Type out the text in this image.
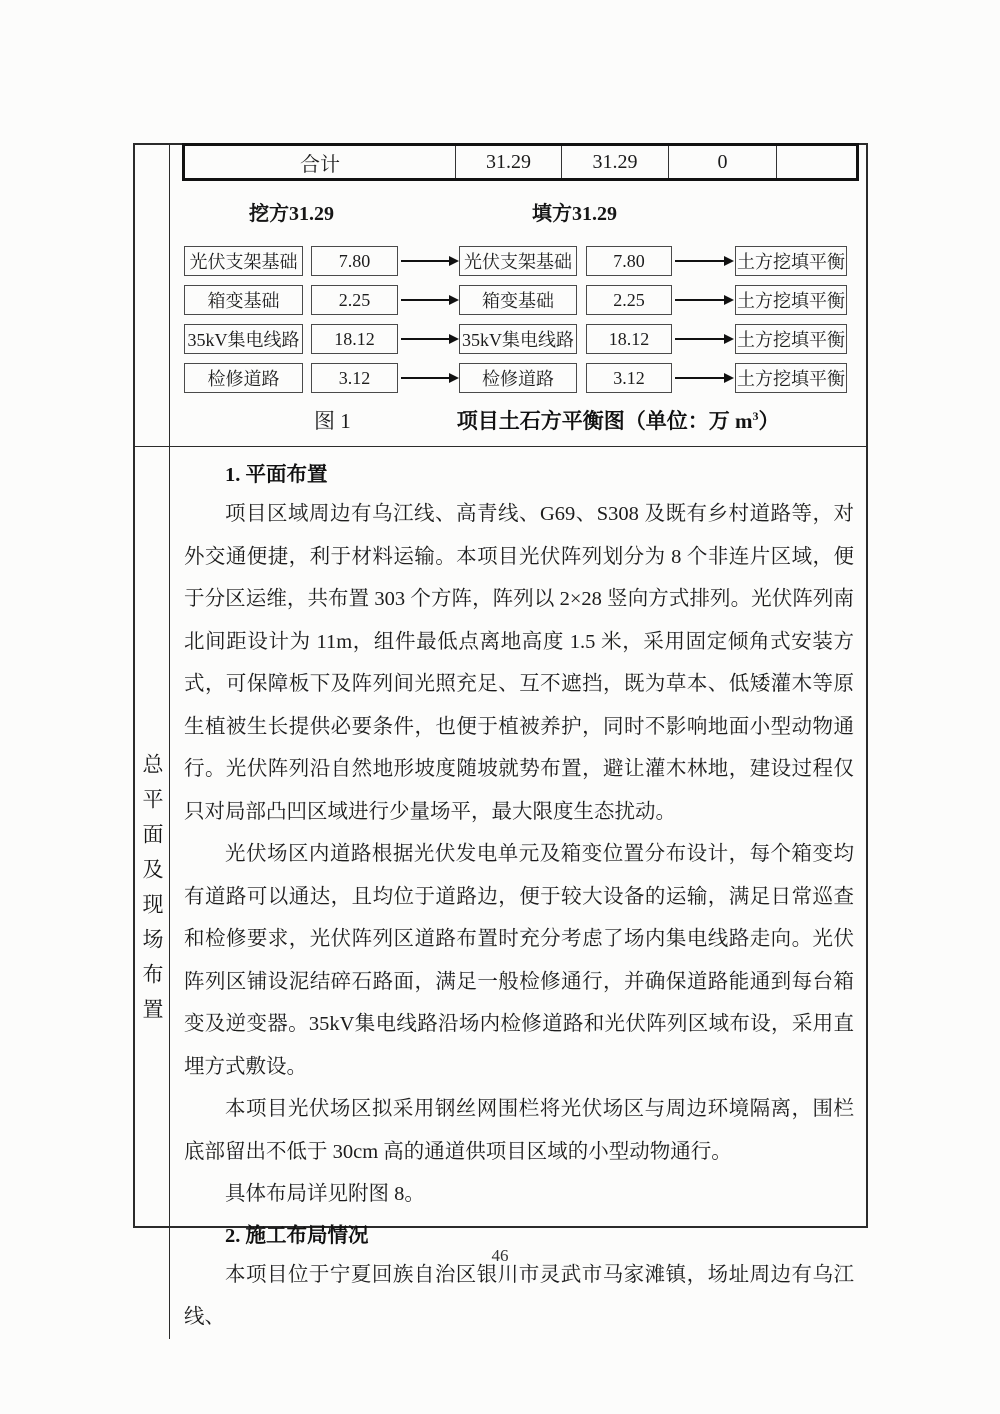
合计	31.29	31.29	0
挖方31.29	填方31.29
光伏支架基础	7.80	光伏支架基础	7.80	土方挖填平衡
箱变基础	2.25	箱变基础	2.25	土方挖填平衡
35kV集电线路	18.12	35kV集电线路	18.12	土方挖填平衡
检修道路	3.12	检修道路	3.12	土方挖填平衡
图 1	项目土石方平衡图（单位：万 $m^3$）
总平面及现场布置
1. 平面布置

项目区域周边有乌江线、高青线、G69、S308 及既有乡村道路等，对外交通便捷，利于材料运输。本项目光伏阵列划分为 8 个非连片区域，便于分区运维，共布置 303 个方阵，阵列以 2×28 竖向方式排列。光伏阵列南北间距设计为 11m，组件最低点离地高度 1.5 米，采用固定倾角式安装方式，可保障板下及阵列间光照充足、互不遮挡，既为草本、低矮灌木等原生植被生长提供必要条件，也便于植被养护，同时不影响地面小型动物通行。光伏阵列沿自然地形坡度随坡就势布置，避让灌木林地，建设过程仅只对局部凸凹区域进行少量场平，最大限度生态扰动。

光伏场区内道路根据光伏发电单元及箱变位置分布设计，每个箱变均有道路可以通达，且均位于道路边，便于较大设备的运输，满足日常巡查和检修要求，光伏阵列区道路布置时充分考虑了场内集电线路走向。光伏阵列区铺设泥结碎石路面，满足一般检修通行，并确保道路能通到每台箱变及逆变器。35kV集电线路沿场内检修道路和光伏阵列区域布设，采用直埋方式敷设。

本项目光伏场区拟采用钢丝网围栏将光伏场区与周边环境隔离，围栏底部留出不低于 30cm 高的通道供项目区域的小型动物通行。

具体布局详见附图 8。

2. 施工布局情况

本项目位于宁夏回族自治区银川市灵武市马家滩镇，场址周边有乌江线、

46
